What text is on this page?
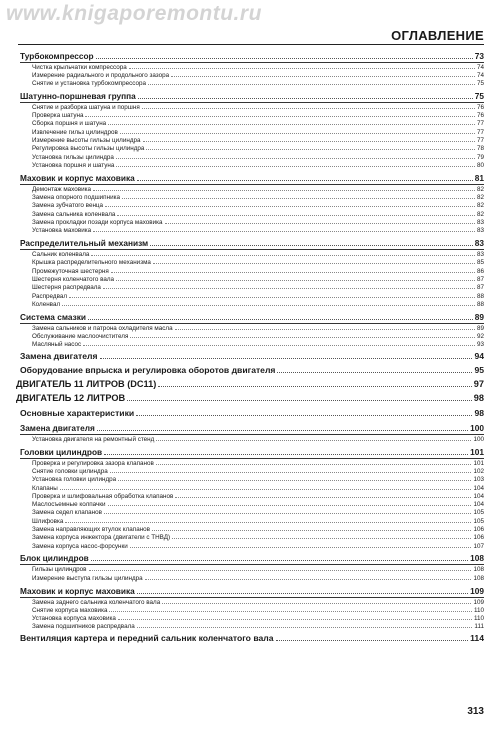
www.knigaporemontu.ru
ОГЛАВЛЕНИЕ
Турбокомпрессор	73
Чистка крыльчатки компрессора	74
Измерение радиального и продольного зазора	74
Снятие и установка турбокомпрессора	75
Шатунно-поршневая группа	75
Снятие и разборка шатуна и поршня	76
Проверка шатуна	76
Сборка поршня и шатуна	77
Извлечение гильз цилиндров	77
Измерение высоты гильзы цилиндра	77
Регулировка высоты гильзы цилиндра	78
Установка гильзы цилиндра	79
Установка поршня и шатуна	80
Маховик и корпус маховика	81
Демонтаж маховика	82
Замена опорного подшипника	82
Замена зубчатого венца	82
Замена сальника коленвала	82
Замена прокладки позади корпуса маховика	83
Установка маховика	83
Распределительный механизм	83
Сальник коленвала	83
Крышка распределительного механизма	85
Промежуточная шестерня	86
Шестерня коленчатого вала	87
Шестерня распредвала	87
Распредвал	88
Коленвал	88
Система смазки	89
Замена сальников и патрона охладителя масла	89
Обслуживание маслоочистителя	92
Масляный насос	93
Замена двигателя	94
Оборудование впрыска и регулировка оборотов двигателя	95
ДВИГАТЕЛЬ 11 ЛИТРОВ (DC11)	97
ДВИГАТЕЛЬ 12 ЛИТРОВ	98
Основные характеристики	98
Замена двигателя	100
Установка двигателя на ремонтный стенд	100
Головки цилиндров	101
Проверка и регулировка зазора клапанов	101
Снятие головки цилиндра	102
Установка головки цилиндра	103
Клапаны	104
Проверка и шлифовальная обработка клапанов	104
Маслосъемные колпачки	104
Замена седел клапанов	105
Шлифовка	105
Замена направляющих втулок клапанов	106
Замена корпуса инжектора (двигатели с ТНВД)	106
Замена корпуса насос-форсунки	107
Блок цилиндров	108
Гильзы цилиндров	108
Измерение выступа гильзы цилиндра	108
Маховик и корпус маховика	109
Замена заднего сальника коленчатого вала	109
Снятие корпуса маховика	110
Установка корпуса маховика	110
Замена подшипников распредвала	111
Вентиляция картера и передний сальник коленчатого вала	114
313
